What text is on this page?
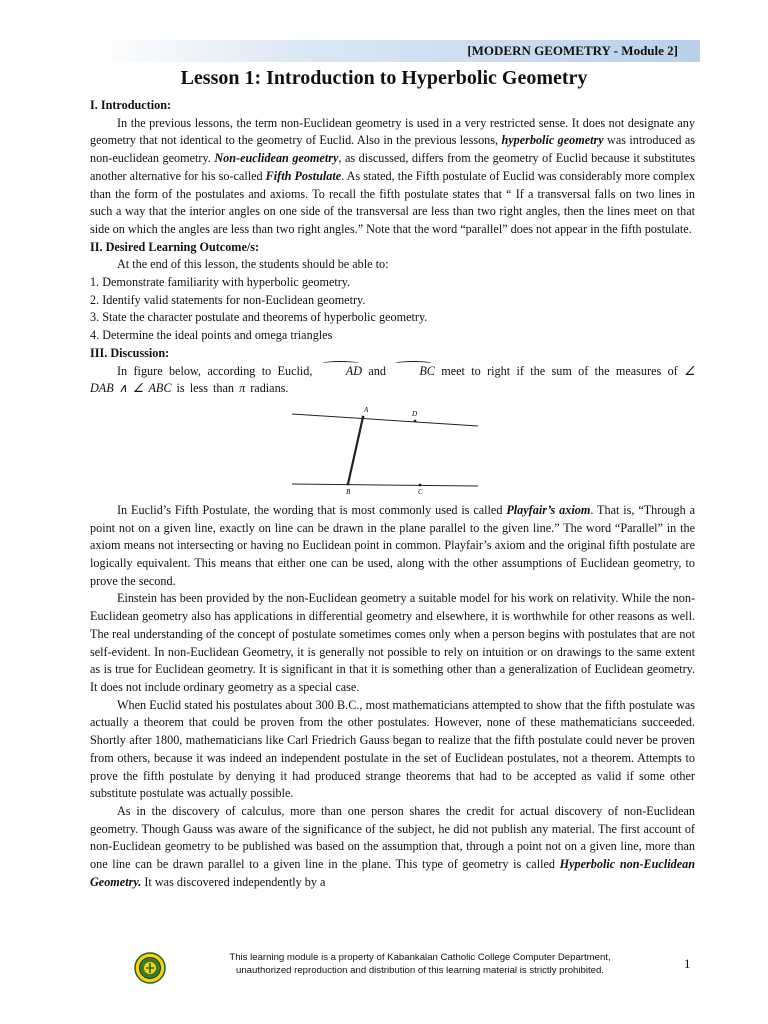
[MODERN GEOMETRY - Module 2]
Lesson 1: Introduction to Hyperbolic Geometry

I. Introduction:

In the previous lessons, the term non-Euclidean geometry is used in a very restricted sense. It does not designate any geometry that not identical to the geometry of Euclid. Also in the previous lessons, hyperbolic geometry was introduced as non-euclidean geometry. Non-euclidean geometry, as discussed, differs from the geometry of Euclid because it substitutes another alternative for his so-called Fifth Postulate. As stated, the Fifth postulate of Euclid was considerably more complex than the form of the postulates and axioms. To recall the fifth postulate states that “ If a transversal falls on two lines in such a way that the interior angles on one side of the transversal are less than two right angles, then the lines meet on that side on which the angles are less than two right angles.” Note that the word “parallel” does not appear in the fifth postulate.

II. Desired Learning Outcome/s:

At the end of this lesson, the students should be able to:

1. Demonstrate familiarity with hyperbolic geometry.

2. Identify valid statements for non-Euclidean geometry.

3. State the character postulate and theorems of hyperbolic geometry.

4. Determine the ideal points and omega triangles

III. Discussion:

In figure below, according to Euclid, AD and BC meet to right if the sum of the measures of ∠ DAB ∧ ∠ ABC is less than π radians.

A	D
B	C

In Euclid’s Fifth Postulate, the wording that is most commonly used is called Playfair’s axiom. That is, “Through a point not on a given line, exactly on line can be drawn in the plane parallel to the given line.” The word “Parallel” in the axiom means not intersecting or having no Euclidean point in common. Playfair’s axiom and the original fifth postulate are logically equivalent. This means that either one can be used, along with the other assumptions of Euclidean geometry, to prove the second.

Einstein has been provided by the non-Euclidean geometry a suitable model for his work on relativity. While the non-Euclidean geometry also has applications in differential geometry and elsewhere, it is worthwhile for other reasons as well. The real understanding of the concept of postulate sometimes comes only when a person begins with postulates that are not self-evident. In non-Euclidean Geometry, it is generally not possible to rely on intuition or on drawings to the same extent as is true for Euclidean geometry. It is significant in that it is something other than a generalization of Euclidean geometry. It does not include ordinary geometry as a special case.

When Euclid stated his postulates about 300 B.C., most mathematicians attempted to show that the fifth postulate was actually a theorem that could be proven from the other postulates. However, none of these mathematicians succeeded. Shortly after 1800, mathematicians like Carl Friedrich Gauss began to realize that the fifth postulate could never be proven from others, because it was indeed an independent postulate in the set of Euclidean postulates, not a theorem. Attempts to prove the fifth postulate by denying it had produced strange theorems that had to be accepted as valid if some other substitute postulate was actually possible.

As in the discovery of calculus, more than one person shares the credit for actual discovery of non-Euclidean geometry. Though Gauss was aware of the significance of the subject, he did not publish any material. The first account of non-Euclidean geometry to be published was based on the assumption that, through a point not on a given line, more than one line can be drawn parallel to a given line in the plane. This type of geometry is called Hyperbolic non-Euclidean Geometry. It was discovered independently by a

This learning module is a property of Kabankalan Catholic College Computer Department,
unauthorized reproduction and distribution of this learning material is strictly prohibited.	1
